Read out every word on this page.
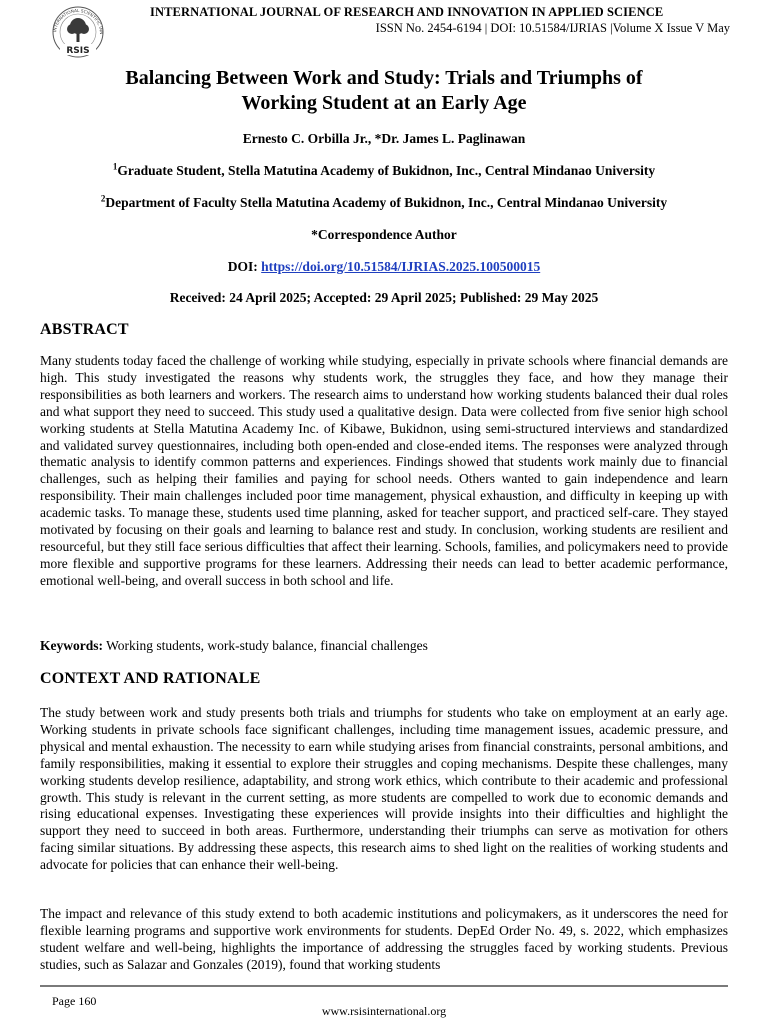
INTERNATIONAL SCIENTIFIC INN
RSIS
INTERNATIONAL JOURNAL OF RESEARCH AND INNOVATION IN APPLIED SCIENCE
ISSN No. 2454-6194 | DOI: 10.51584/IJRIAS |Volume X Issue V May
Balancing Between Work and Study: Trials and Triumphs of
Working Student at an Early Age
Ernesto C. Orbilla Jr., *Dr. James L. Paglinawan
$^1$Graduate Student, Stella Matutina Academy of Bukidnon, Inc., Central Mindanao University
$^2$Department of Faculty Stella Matutina Academy of Bukidnon, Inc., Central Mindanao University
*Correspondence Author
DOI: https://doi.org/10.51584/IJRIAS.2025.100500015
Received: 24 April 2025; Accepted: 29 April 2025; Published: 29 May 2025
ABSTRACT

Many students today faced the challenge of working while studying, especially in private schools where financial demands are high. This study investigated the reasons why students work, the struggles they face, and how they manage their responsibilities as both learners and workers. The research aims to understand how working students balanced their dual roles and what support they need to succeed. This study used a qualitative design. Data were collected from five senior high school working students at Stella Matutina Academy Inc. of Kibawe, Bukidnon, using semi-structured interviews and standardized and validated survey questionnaires, including both open-ended and close-ended items. The responses were analyzed through thematic analysis to identify common patterns and experiences. Findings showed that students work mainly due to financial challenges, such as helping their families and paying for school needs. Others wanted to gain independence and learn responsibility. Their main challenges included poor time management, physical exhaustion, and difficulty in keeping up with academic tasks. To manage these, students used time planning, asked for teacher support, and practiced self-care. They stayed motivated by focusing on their goals and learning to balance rest and study. In conclusion, working students are resilient and resourceful, but they still face serious difficulties that affect their learning. Schools, families, and policymakers need to provide more flexible and supportive programs for these learners. Addressing their needs can lead to better academic performance, emotional well-being, and overall success in both school and life.

Keywords: Working students, work-study balance, financial challenges
CONTEXT AND RATIONALE

The study between work and study presents both trials and triumphs for students who take on employment at an early age. Working students in private schools face significant challenges, including time management issues, academic pressure, and physical and mental exhaustion. The necessity to earn while studying arises from financial constraints, personal ambitions, and family responsibilities, making it essential to explore their struggles and coping mechanisms. Despite these challenges, many working students develop resilience, adaptability, and strong work ethics, which contribute to their academic and professional growth. This study is relevant in the current setting, as more students are compelled to work due to economic demands and rising educational expenses. Investigating these experiences will provide insights into their difficulties and highlight the support they need to succeed in both areas. Furthermore, understanding their triumphs can serve as motivation for others facing similar situations. By addressing these aspects, this research aims to shed light on the realities of working students and advocate for policies that can enhance their well-being.

The impact and relevance of this study extend to both academic institutions and policymakers, as it underscores the need for flexible learning programs and supportive work environments for students. DepEd Order No. 49, s. 2022, which emphasizes student welfare and well-being, highlights the importance of addressing the struggles faced by working students. Previous studies, such as Salazar and Gonzales (2019), found that working students

Page 160
www.rsisinternational.org
